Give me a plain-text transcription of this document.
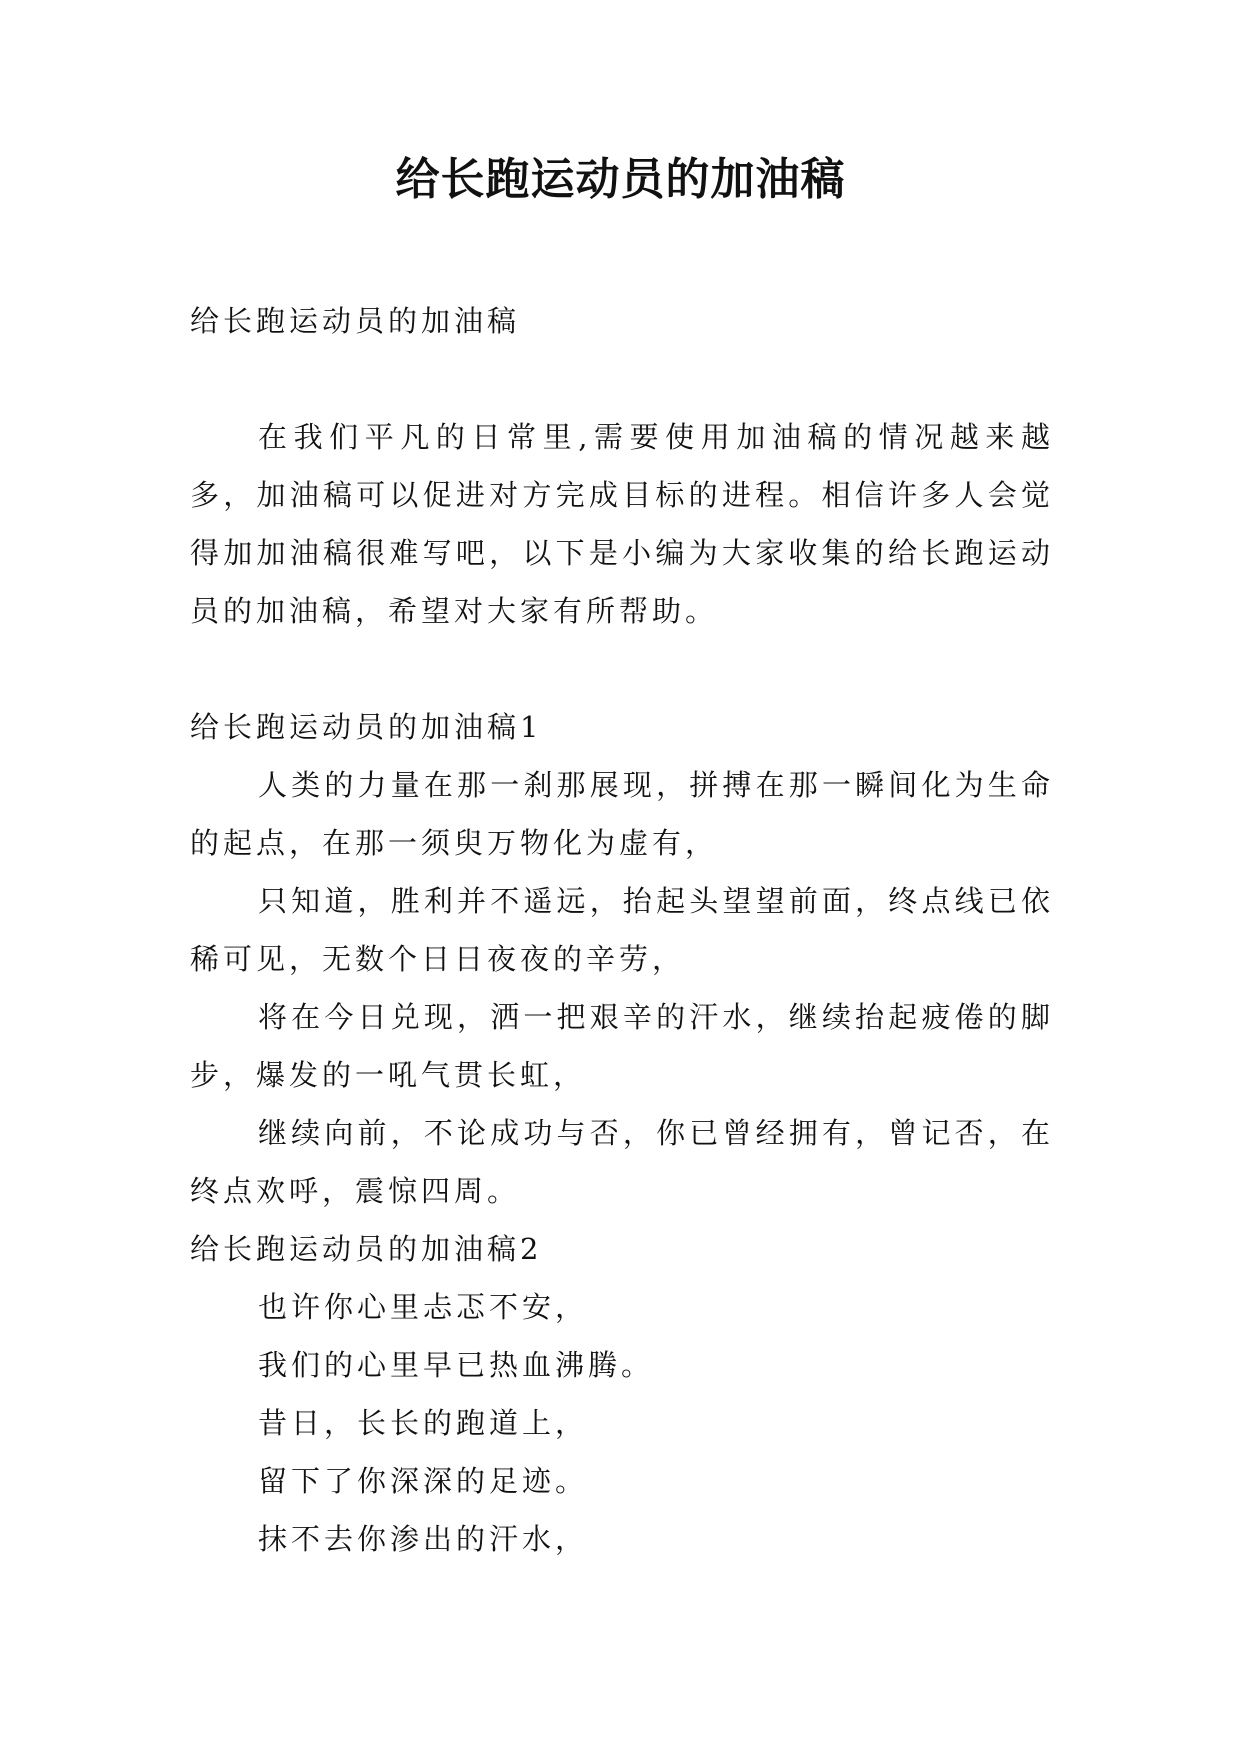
给长跑运动员的加油稿

给长跑运动员的加油稿

在我们平凡的日常里,需要使用加油稿的情况越来越多，加油稿可以促进对方完成目标的进程。相信许多人会觉得加加油稿很难写吧，以下是小编为大家收集的给长跑运动员的加油稿，希望对大家有所帮助。

给长跑运动员的加油稿1

人类的力量在那一刹那展现，拼搏在那一瞬间化为生命的起点，在那一须臾万物化为虚有，

只知道，胜利并不遥远，抬起头望望前面，终点线已依稀可见，无数个日日夜夜的辛劳，

将在今日兑现，洒一把艰辛的汗水，继续抬起疲倦的脚步，爆发的一吼气贯长虹，

继续向前，不论成功与否，你已曾经拥有，曾记否，在终点欢呼，震惊四周。

给长跑运动员的加油稿2

也许你心里忐忑不安，

我们的心里早已热血沸腾。

昔日，长长的跑道上，

留下了你深深的足迹。

抹不去你渗出的汗水，
